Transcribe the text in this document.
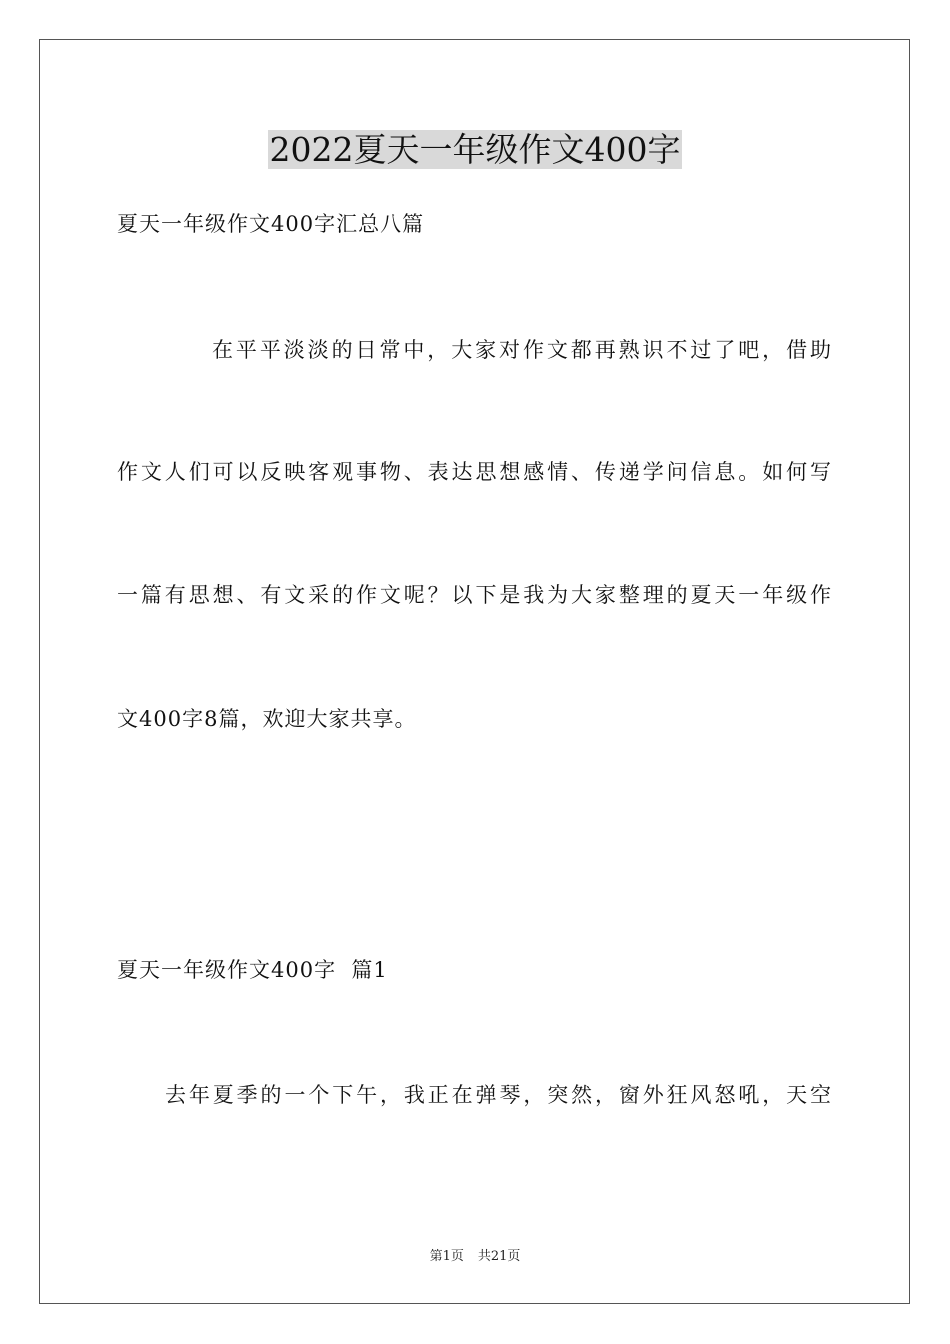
2022夏天一年级作文400字
夏天一年级作文400字汇总八篇
在平平淡淡的日常中，大家对作文都再熟识不过了吧，借助
作文人们可以反映客观事物、表达思想感情、传递学问信息。如何写
一篇有思想、有文采的作文呢？以下是我为大家整理的夏天一年级作
文400字8篇，欢迎大家共享。
夏天一年级作文400字  篇1
去年夏季的一个下午，我正在弹琴，突然，窗外狂风怒吼，天空
第1页 共21页
